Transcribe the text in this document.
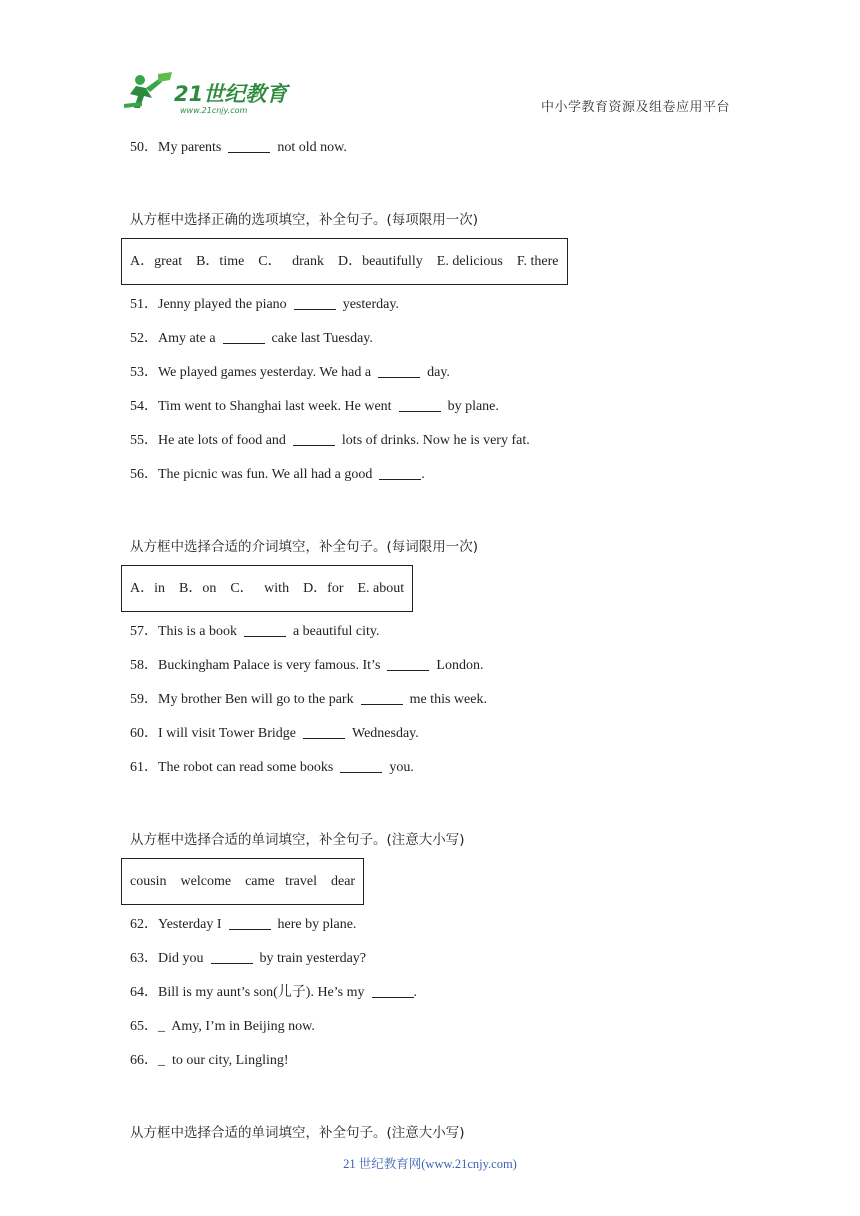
21世纪教育
www.21cnjy.com	中小学教育资源及组卷应用平台
50．My parents	not old now.
从方框中选择正确的选项填空，补全句子。(每项限用一次)
A．great    B．time    C．   drank    D．beautifully    E. delicious    F. there
51．Jenny played the piano	yesterday.
52．Amy ate a	cake last Tuesday.
53．We played games yesterday. We had a	day.
54．Tim went to Shanghai last week. He went	by plane.
55．He ate lots of food and	lots of drinks. Now he is very fat.
56．The picnic was fun. We all had a good	.
从方框中选择合适的介词填空，补全句子。(每词限用一次)
A．in    B．on    C．   with    D．for    E. about
57．This is a book	a beautiful city.
58．Buckingham Palace is very famous. It’s	London.
59．My brother Ben will go to the park	me this week.
60．I will visit Tower Bridge	Wednesday.
61．The robot can read some books	you.
从方框中选择合适的单词填空，补全句子。(注意大小写)
cousin    welcome    came   travel    dear
62．Yesterday I	here by plane.
63．Did you	by train yesterday?
64．Bill is my aunt’s son(儿子). He’s my	.
65．_  Amy, I’m in Beijing now.
66．_  to our city, Lingling!
从方框中选择合适的单词填空，补全句子。(注意大小写)
21 世纪教育网(www.21cnjy.com)
